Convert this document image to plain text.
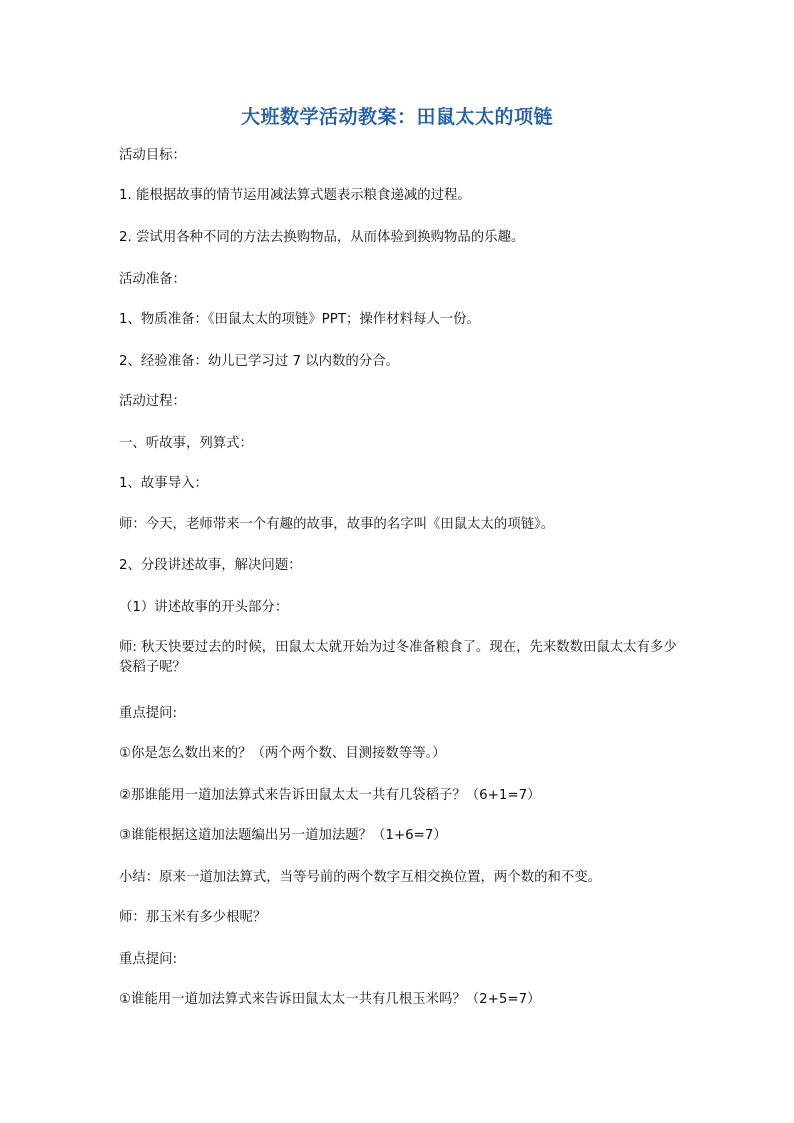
大班数学活动教案：田鼠太太的项链
活动目标：
1. 能根据故事的情节运用减法算式题表示粮食递减的过程。
2. 尝试用各种不同的方法去换购物品，从而体验到换购物品的乐趣。
活动准备：
1、物质准备：《田鼠太太的项链》PPT；操作材料每人一份。
2、经验准备：幼儿已学习过 7 以内数的分合。
活动过程：
一、听故事，列算式：
1、故事导入：
师：今天，老师带来一个有趣的故事，故事的名字叫《田鼠太太的项链》。
2、分段讲述故事，解决问题：
（1）讲述故事的开头部分：
师: 秋天快要过去的时候，田鼠太太就开始为过冬准备粮食了。现在，先来数数田鼠太太有多少袋稻子呢？
重点提问:
①你是怎么数出来的？（两个两个数、目测接数等等。）
②那谁能用一道加法算式来告诉田鼠太太一共有几袋稻子？（6+1=7）
③谁能根据这道加法题编出另一道加法题？（1+6=7）
小结：原来一道加法算式，当等号前的两个数字互相交换位置，两个数的和不变。
师：那玉米有多少根呢？
重点提问:
①谁能用一道加法算式来告诉田鼠太太一共有几根玉米吗？（2+5=7）
